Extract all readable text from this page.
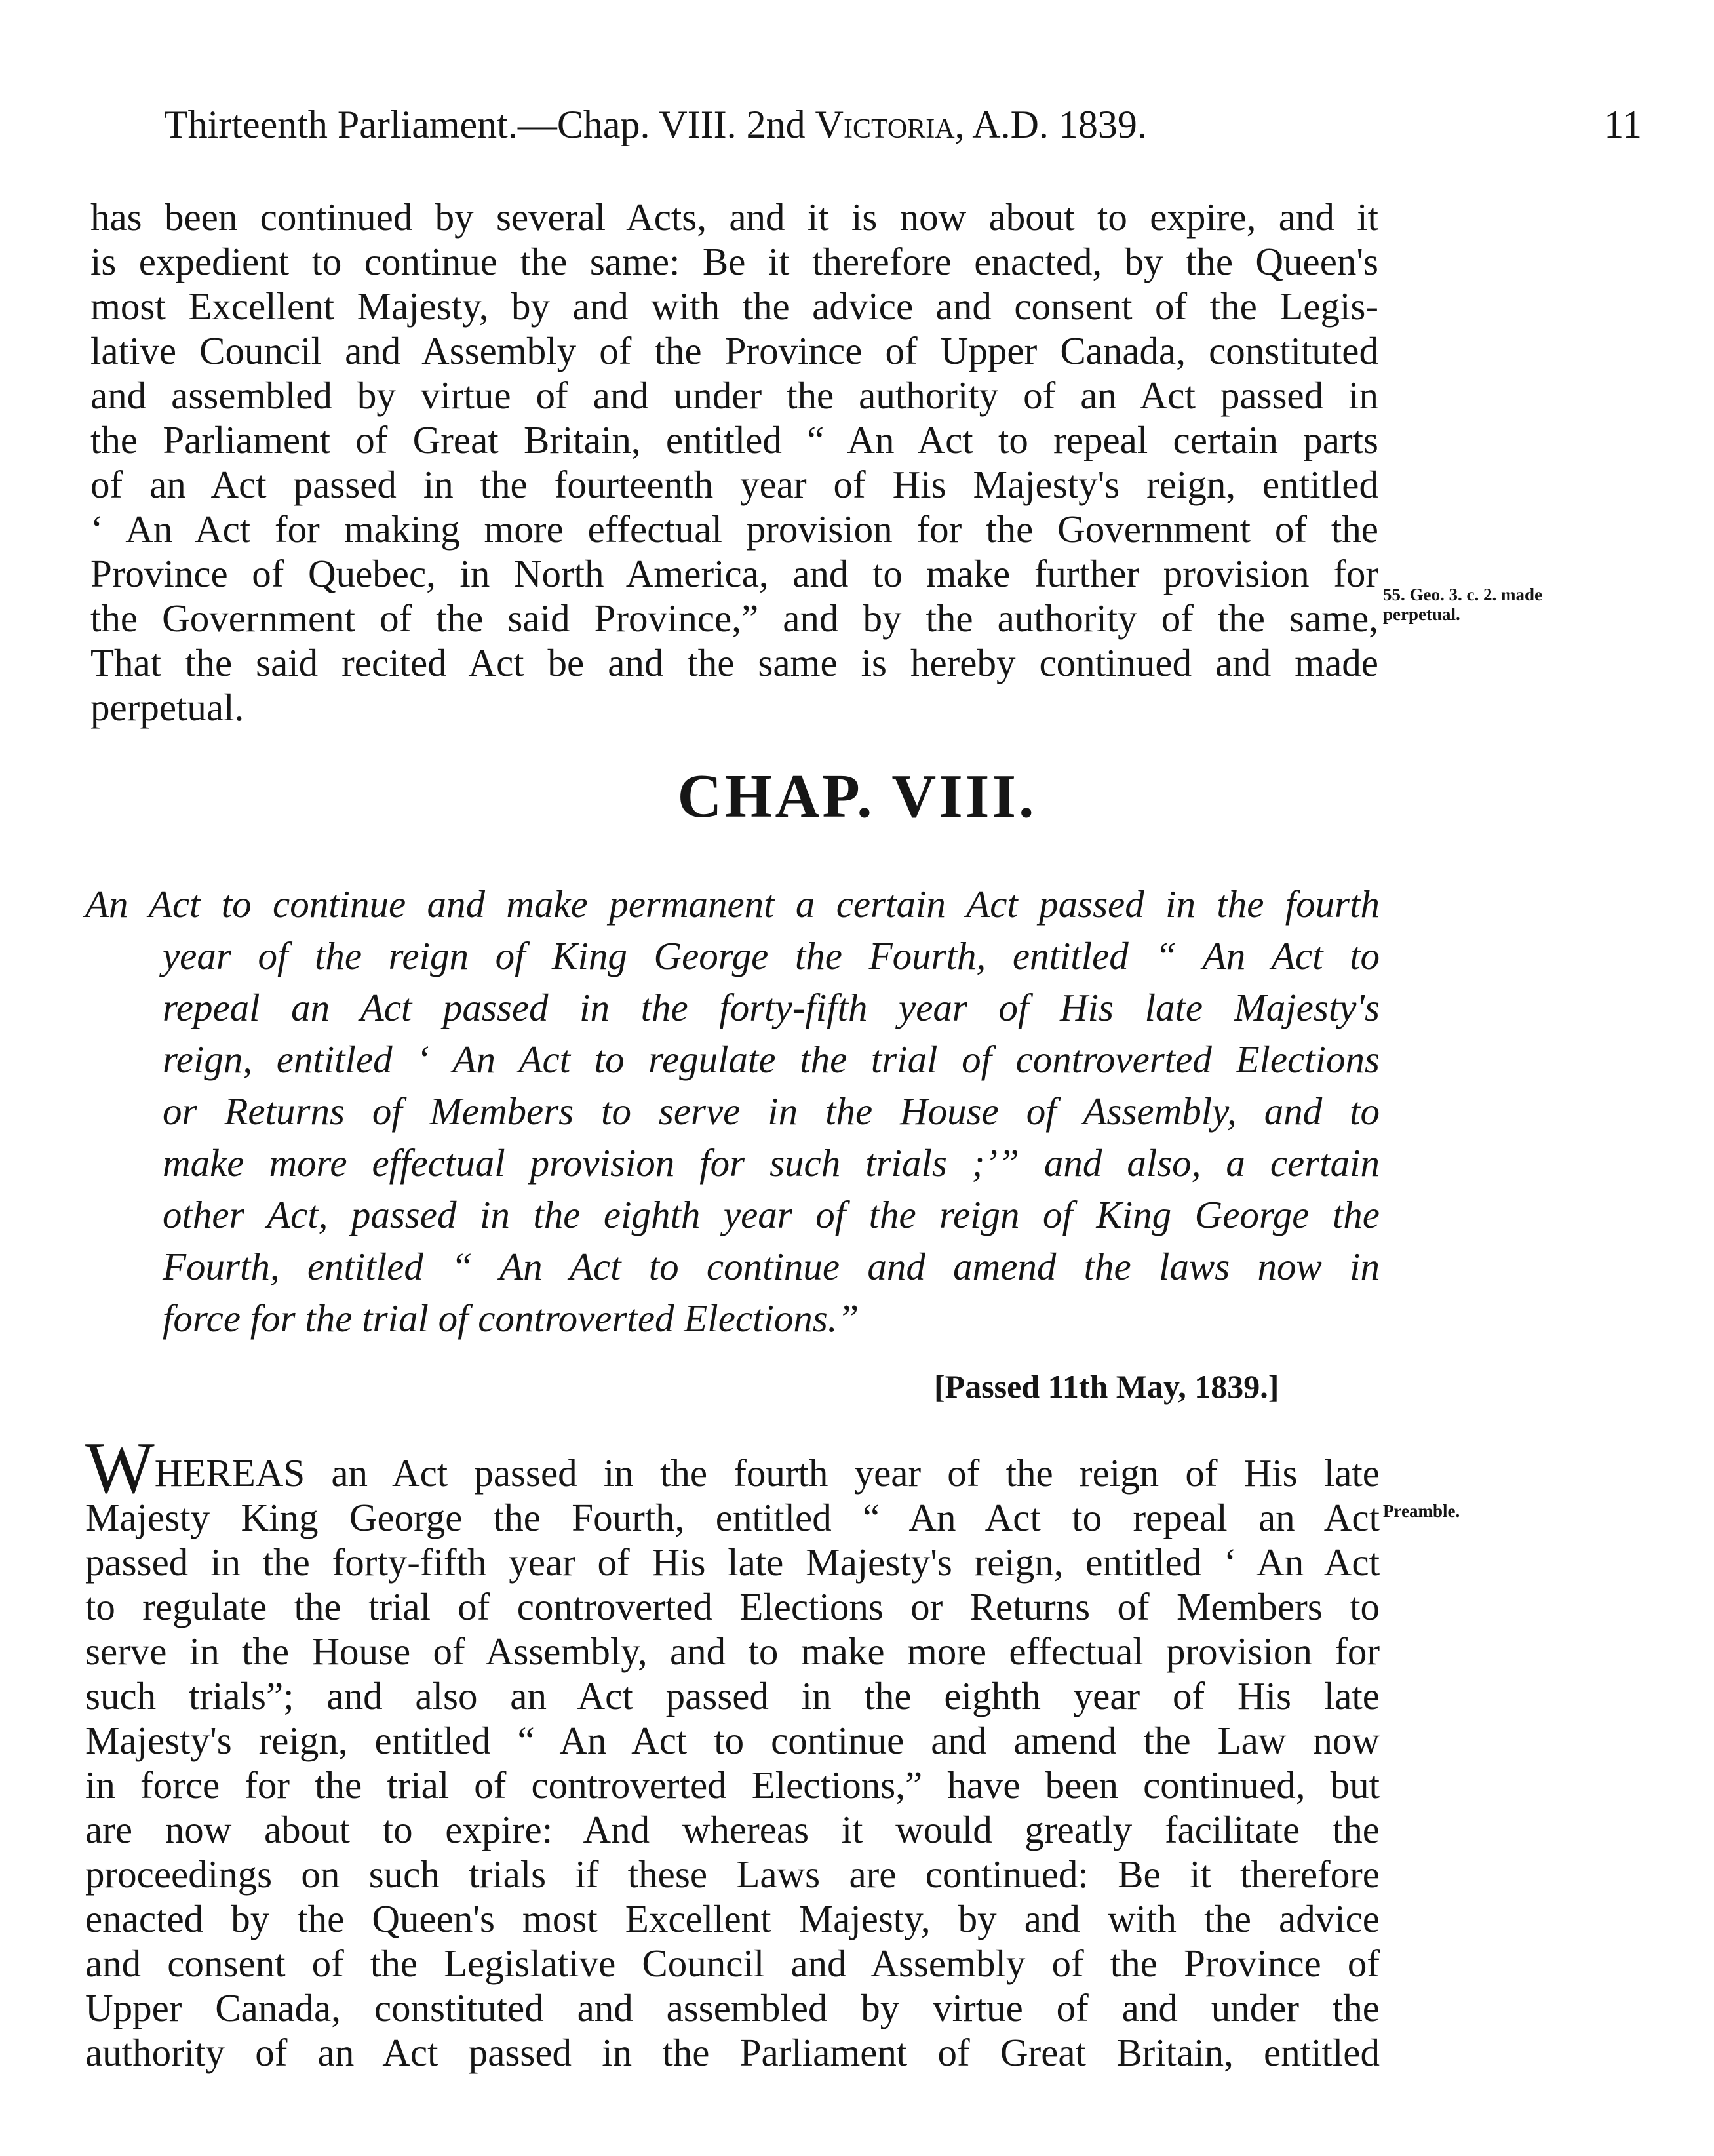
Thirteenth Parliament.—Chap. VIII. 2nd Victoria, A.D. 1839.	11
has been continued by several Acts, and it is now about to expire, and it
is expedient to continue the same: Be it therefore enacted, by the Queen's
most Excellent Majesty, by and with the advice and consent of the Legis-
lative Council and Assembly of the Province of Upper Canada, constituted
and assembled by virtue of and under the authority of an Act passed in
the Parliament of Great Britain, entitled “ An Act to repeal certain parts
of an Act passed in the fourteenth year of His Majesty's reign, entitled
‘ An Act for making more effectual provision for the Government of the
Province of Quebec, in North America, and to make further provision for
the Government of the said Province,” and by the authority of the same,
That the said recited Act be and the same is hereby continued and made
perpetual.
55. Geo. 3. c. 2. made
perpetual.
CHAP. VIII.
An Act to continue and make permanent a certain Act passed in the fourth
year of the reign of King George the Fourth, entitled “ An Act to
repeal an Act passed in the forty-fifth year of His late Majesty's
reign, entitled ‘ An Act to regulate the trial of controverted Elections
or Returns of Members to serve in the House of Assembly, and to
make more effectual provision for such trials ;’” and also, a certain
other Act, passed in the eighth year of the reign of King George the
Fourth, entitled “ An Act to continue and amend the laws now in
force for the trial of controverted Elections.”
[Passed 11th May, 1839.]
WHEREAS an Act passed in the fourth year of the reign of His late
Majesty King George the Fourth, entitled “ An Act to repeal an Act
passed in the forty-fifth year of His late Majesty's reign, entitled ‘ An Act
to regulate the trial of controverted Elections or Returns of Members to
serve in the House of Assembly, and to make more effectual provision for
such trials”; and also an Act passed in the eighth year of His late
Majesty's reign, entitled “ An Act to continue and amend the Law now
in force for the trial of controverted Elections,” have been continued, but
are now about to expire: And whereas it would greatly facilitate the
proceedings on such trials if these Laws are continued: Be it therefore
enacted by the Queen's most Excellent Majesty, by and with the advice
and consent of the Legislative Council and Assembly of the Province of
Upper Canada, constituted and assembled by virtue of and under the
authority of an Act passed in the Parliament of Great Britain, entitled
Preamble.
